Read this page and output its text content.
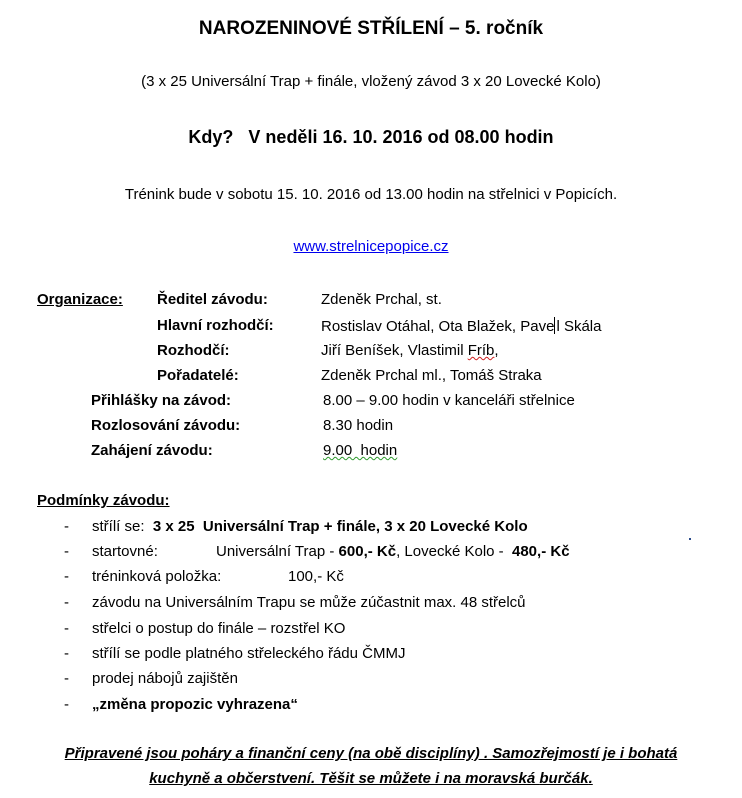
NAROZENINOVÉ STŘÍLENÍ – 5. ročník
(3 x 25 Universální Trap + finále, vložený závod 3 x 20 Lovecké Kolo)
Kdy?   V neděli 16. 10. 2016 od 08.00 hodin
Trénink bude v sobotu 15. 10. 2016 od 13.00 hodin na střelnici v Popicích.
www.strelnicepopice.cz
Organizace: Ředitel závodu:	Zdeněk Prchal, st.
Hlavní rozhodčí:	Rostislav Otáhal, Ota Blažek, Pave l Skála
Rozhodčí:	Jiří Beníšek, Vlastimil Fríb,
Pořadatelé:	Zdeněk Prchal ml., Tomáš Straka
Přihlášky na závod:	8.00 – 9.00 hodin v kanceláři střelnice
Rozlosování závodu:	8.30 hodin
Zahájení závodu:	9.00  hodin
Podmínky závodu:
- střílí se:  3 x 25  Universální Trap + finále, 3 x 20 Lovecké Kolo
- startovné:	Universální Trap - 600,- Kč, Lovecké Kolo -  480,- Kč
- tréninková položka:	100,- Kč
- závodu na Universálním Trapu se může zúčastnit max. 48 střelců
- střelci o postup do finále – rozstřel KO
- střílí se podle platného střeleckého řádu ČMMJ
- prodej nábojů zajištěn
- „změna propozic vyhrazena“
Připravené jsou poháry a finanční ceny (na obě disciplíny) . Samozřejmostí je i bohatá
kuchyně a občerstvení. Těšit se můžete i na moravská burčák.
